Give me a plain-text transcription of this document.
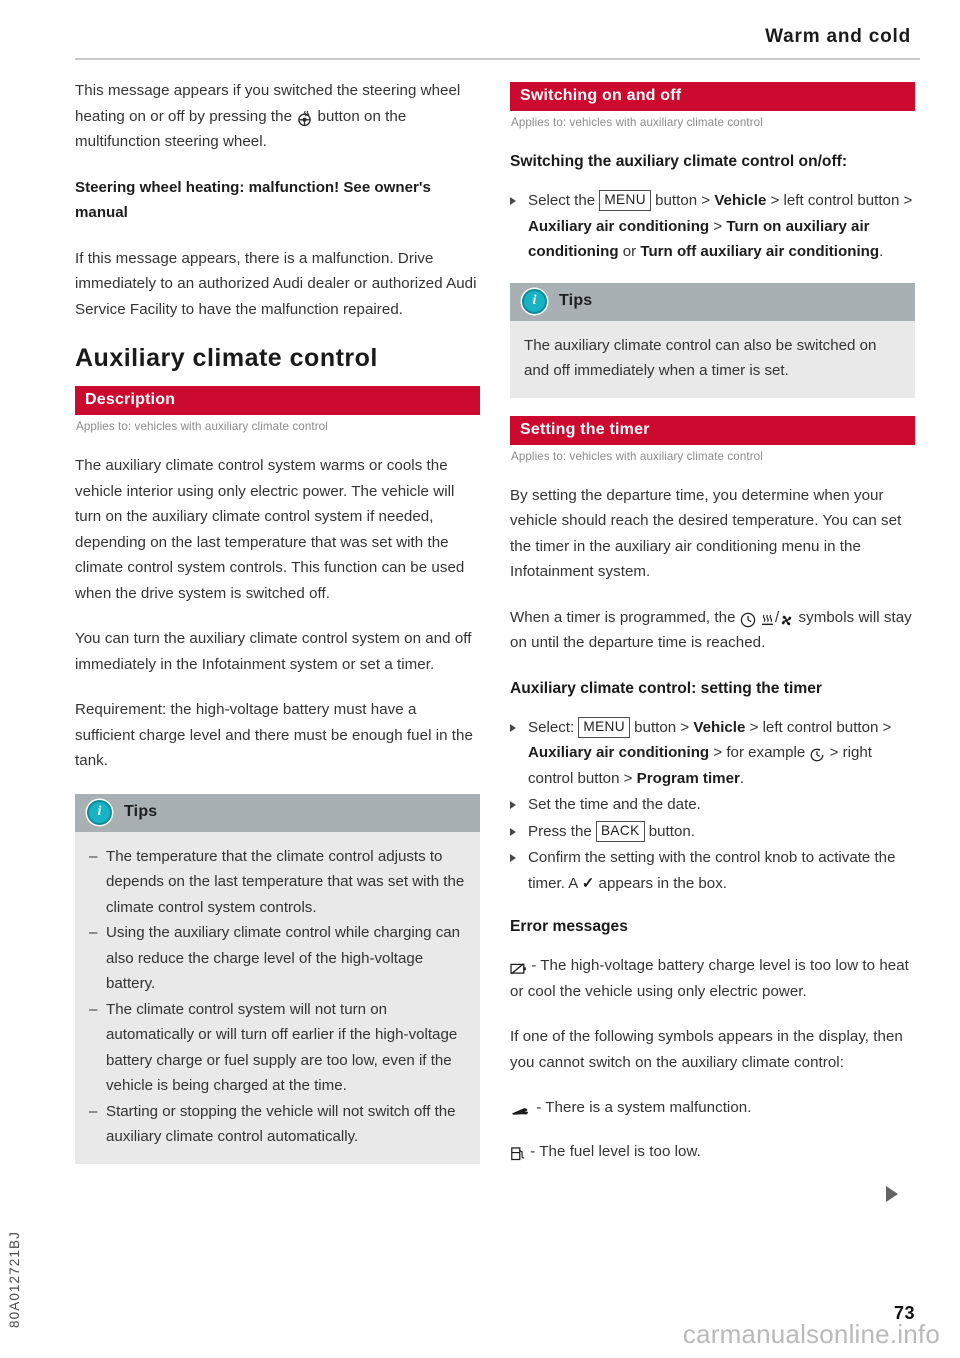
Warm and cold

This message appears if you switched the steering wheel heating on or off by pressing the  button on the multifunction steering wheel.

Steering wheel heating: malfunction! See owner's manual

If this message appears, there is a malfunction. Drive immediately to an authorized Audi dealer or authorized Audi Service Facility to have the malfunction repaired.

Auxiliary climate control
Description
Applies to: vehicles with auxiliary climate control

The auxiliary climate control system warms or cools the vehicle interior using only electric power. The vehicle will turn on the auxiliary climate control system if needed, depending on the last temperature that was set with the climate control system controls. This function can be used when the drive system is switched off.

You can turn the auxiliary climate control system on and off immediately in the Infotainment system or set a timer.

Requirement: the high-voltage battery must have a sufficient charge level and there must be enough fuel in the tank.

i	Tips
– The temperature that the climate control adjusts to depends on the last temperature that was set with the climate control system controls.
– Using the auxiliary climate control while charging can also reduce the charge level of the high-voltage battery.
– The climate control system will not turn on automatically or will turn off earlier if the high-voltage battery charge or fuel supply are too low, even if the vehicle is being charged at the time.
– Starting or stopping the vehicle will not switch off the auxiliary climate control automatically.
Switching on and off
Applies to: vehicles with auxiliary climate control
Switching the auxiliary climate control on/off:
Select the MENU button > Vehicle > left control button > Auxiliary air conditioning > Turn on auxiliary air conditioning or Turn off auxiliary air conditioning.
i	Tips

The auxiliary climate control can also be switched on and off immediately when a timer is set.

Setting the timer
Applies to: vehicles with auxiliary climate control

By setting the departure time, you determine when your vehicle should reach the desired temperature. You can set the timer in the auxiliary air conditioning menu in the Infotainment system.

When a timer is programmed, the  / symbols will stay on until the departure time is reached.

Auxiliary climate control: setting the timer
Select: MENU button > Vehicle > left control button > Auxiliary air conditioning > for example  > right control button > Program timer.
Set the time and the date.
Press the BACK button.
Confirm the setting with the control knob to activate the timer. A ✓ appears in the box.
Error messages

- The high-voltage battery charge level is too low to heat or cool the vehicle using only electric power.

If one of the following symbols appears in the display, then you cannot switch on the auxiliary climate control:

- There is a system malfunction.

- The fuel level is too low.

80A012721BJ	73
carmanualsonline.info
